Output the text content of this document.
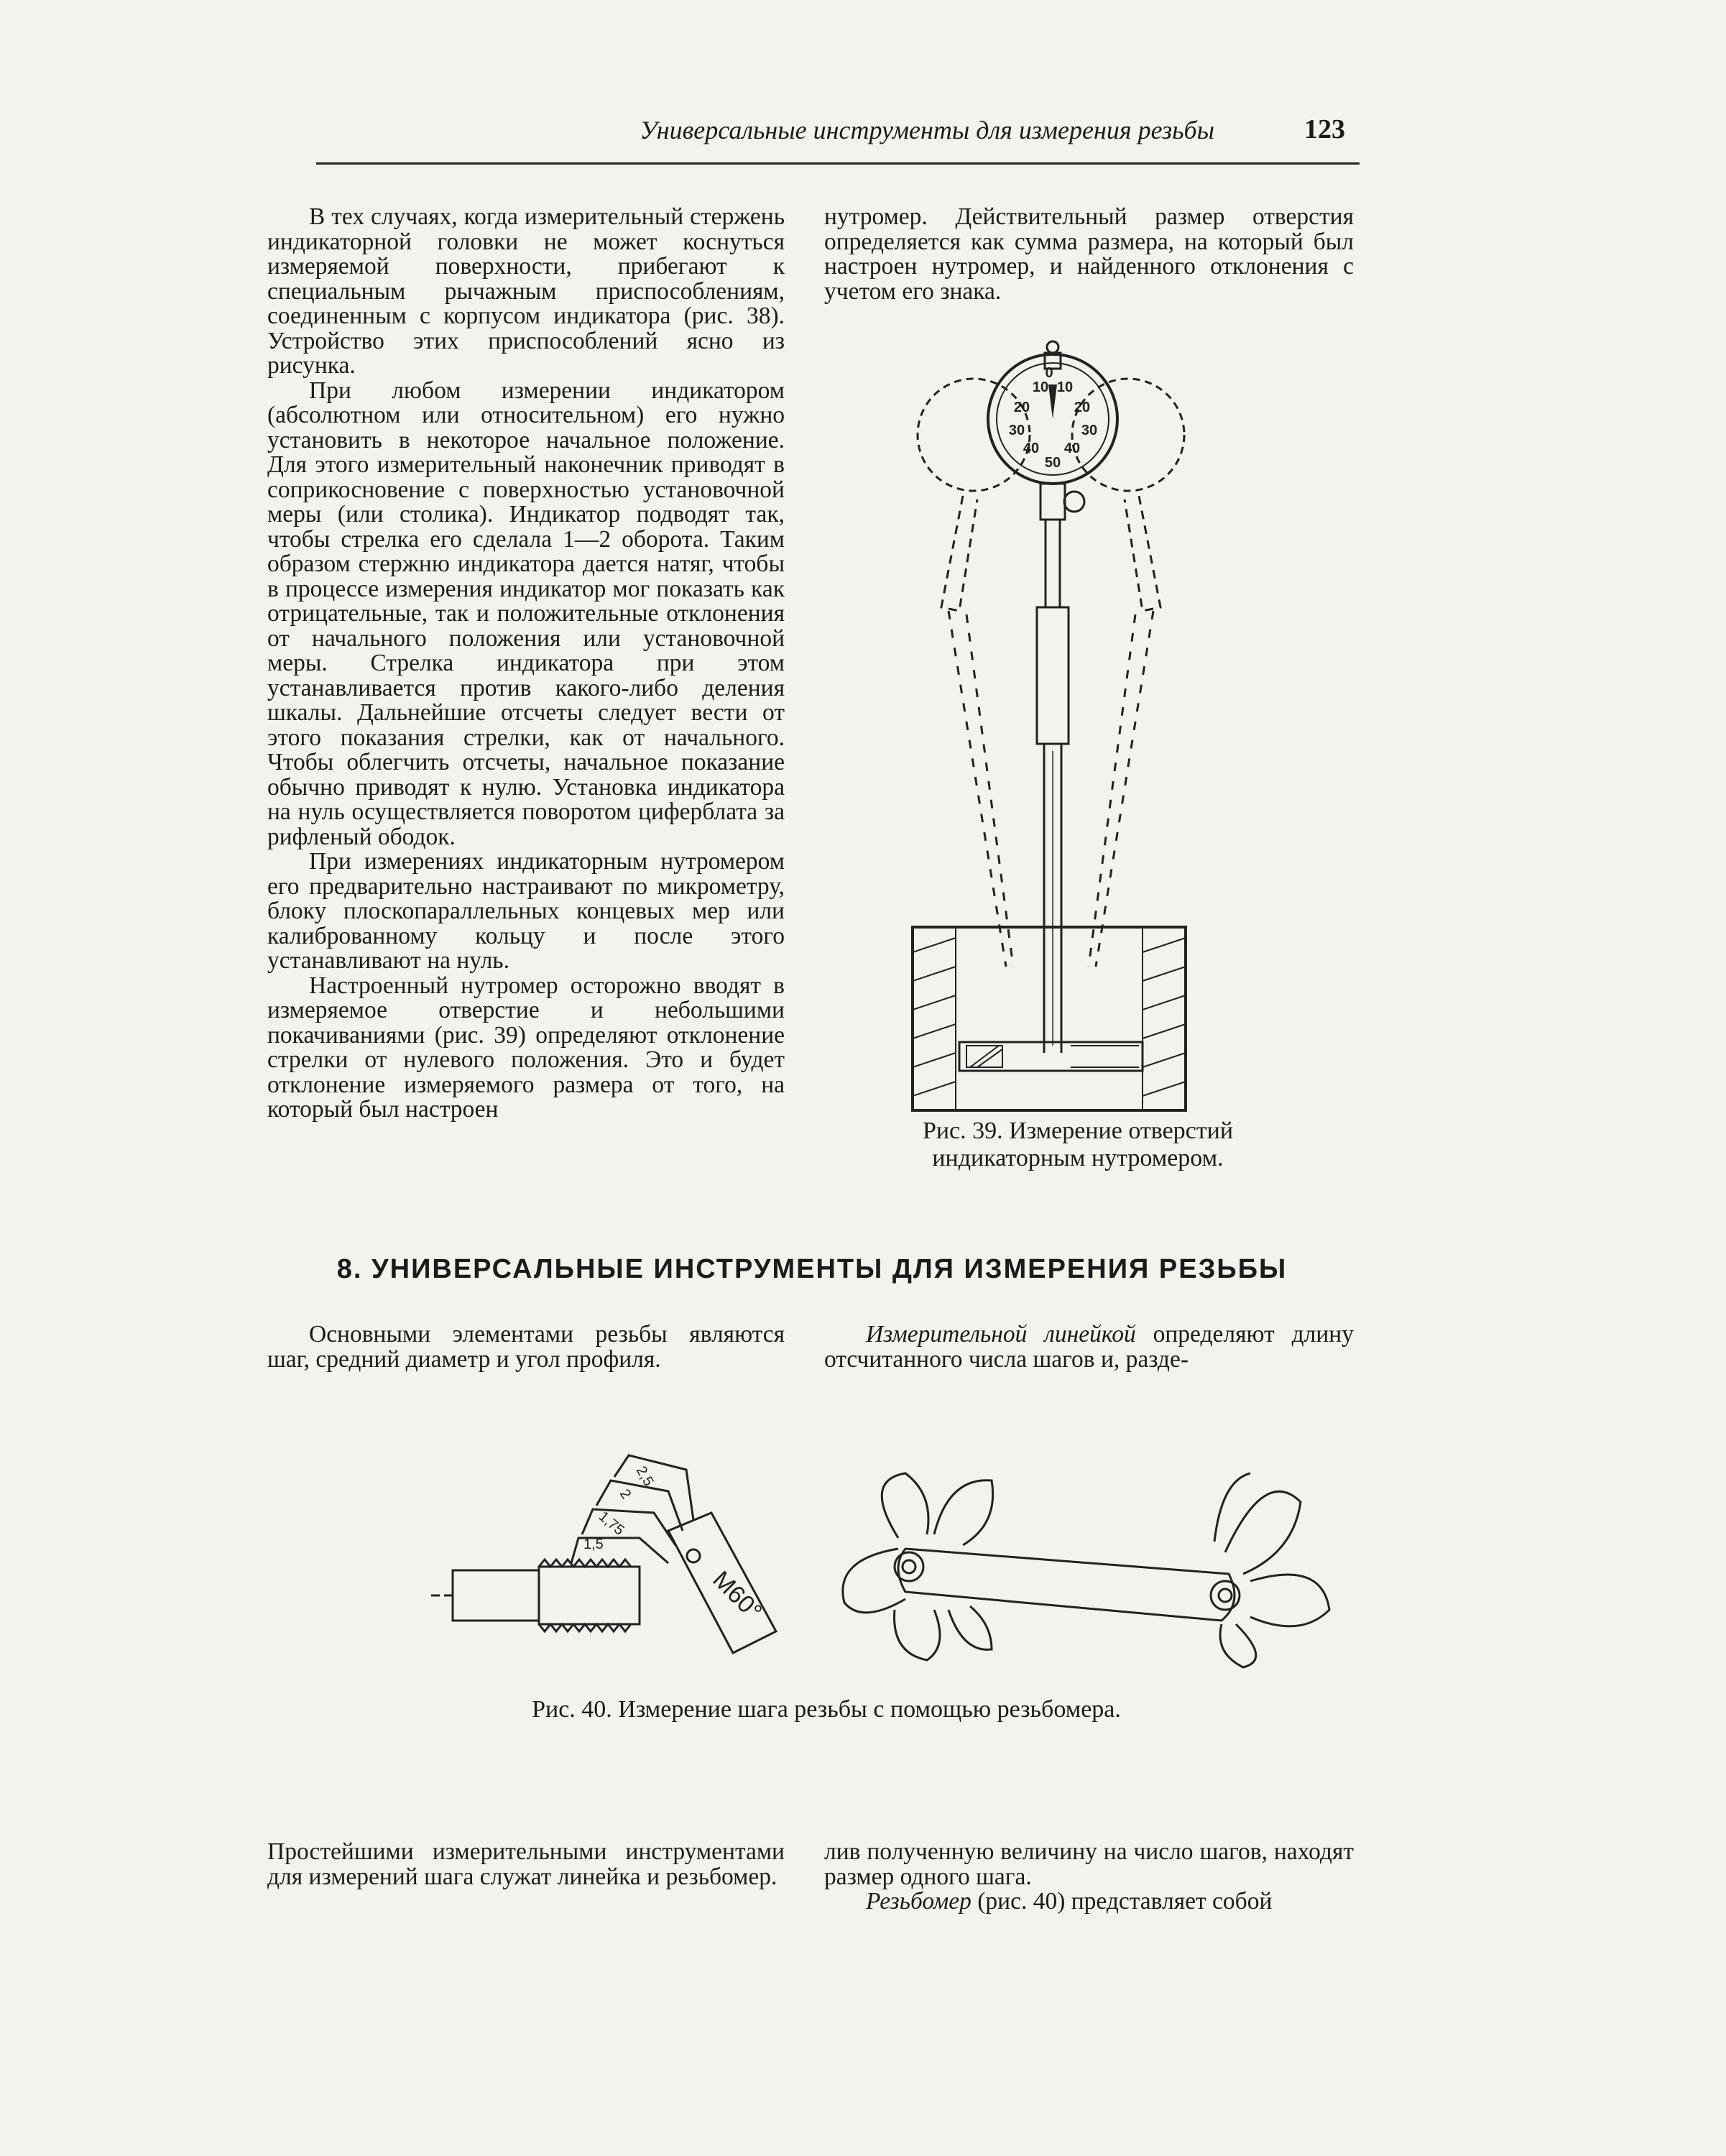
Универсальные инструменты для измерения резьбы	123

В тех случаях, когда измерительный стержень индикаторной головки не может коснуться измеряемой поверхности, прибегают к специальным рычажным приспособлениям, соединенным с корпусом индикатора (рис. 38). Устройство этих приспособлений ясно из рисунка.

При любом измерении индикатором (абсолютном или относительном) его нужно установить в некоторое начальное положение. Для этого измерительный наконечник приводят в соприкосновение с поверхностью установочной меры (или столика). Индикатор подводят так, чтобы стрелка его сделала 1—2 оборота. Таким образом стержню индикатора дается натяг, чтобы в процессе измерения индикатор мог показать как отрицательные, так и положительные отклонения от начального положения или установочной меры. Стрелка индикатора при этом устанавливается против какого-либо деления шкалы. Дальнейшие отсчеты следует вести от этого показания стрелки, как от начального. Чтобы облегчить отсчеты, начальное показание обычно приводят к нулю. Установка индикатора на нуль осуществляется поворотом циферблата за рифленый ободок.

При измерениях индикаторным нутромером его предварительно настраивают по микрометру, блоку плоскопараллельных концевых мер или калиброванному кольцу и после этого устанавливают на нуль.

Настроенный нутромер осторожно вводят в измеряемое отверстие и небольшими покачиваниями (рис. 39) определяют отклонение стрелки от нулевого положения. Это и будет отклонение измеряемого размера от того, на который был настроен

нутромер. Действительный размер отверстия определяется как сумма размера, на который был настроен нутромер, и найденного отклонения с учетом его знака.

0
10 10
20	20
30	30
40 40
50
Рис. 39. Измерение отверстий
индикаторным нутромером.
8. УНИВЕРСАЛЬНЫЕ ИНСТРУМЕНТЫ ДЛЯ ИЗМЕРЕНИЯ РЕЗЬБЫ

Основными элементами резьбы являются шаг, средний диаметр и угол профиля.

Измерительной линейкой определяют длину отсчитанного числа шагов и, разде-

2,5
2
1,75
1,5
M60°
Рис. 40. Измерение шага резьбы с помощью резьбомера.

Простейшими измерительными инструментами для измерений шага служат линейка и резьбомер.

лив полученную величину на число шагов, находят размер одного шага.

Резьбомер (рис. 40) представляет собой
